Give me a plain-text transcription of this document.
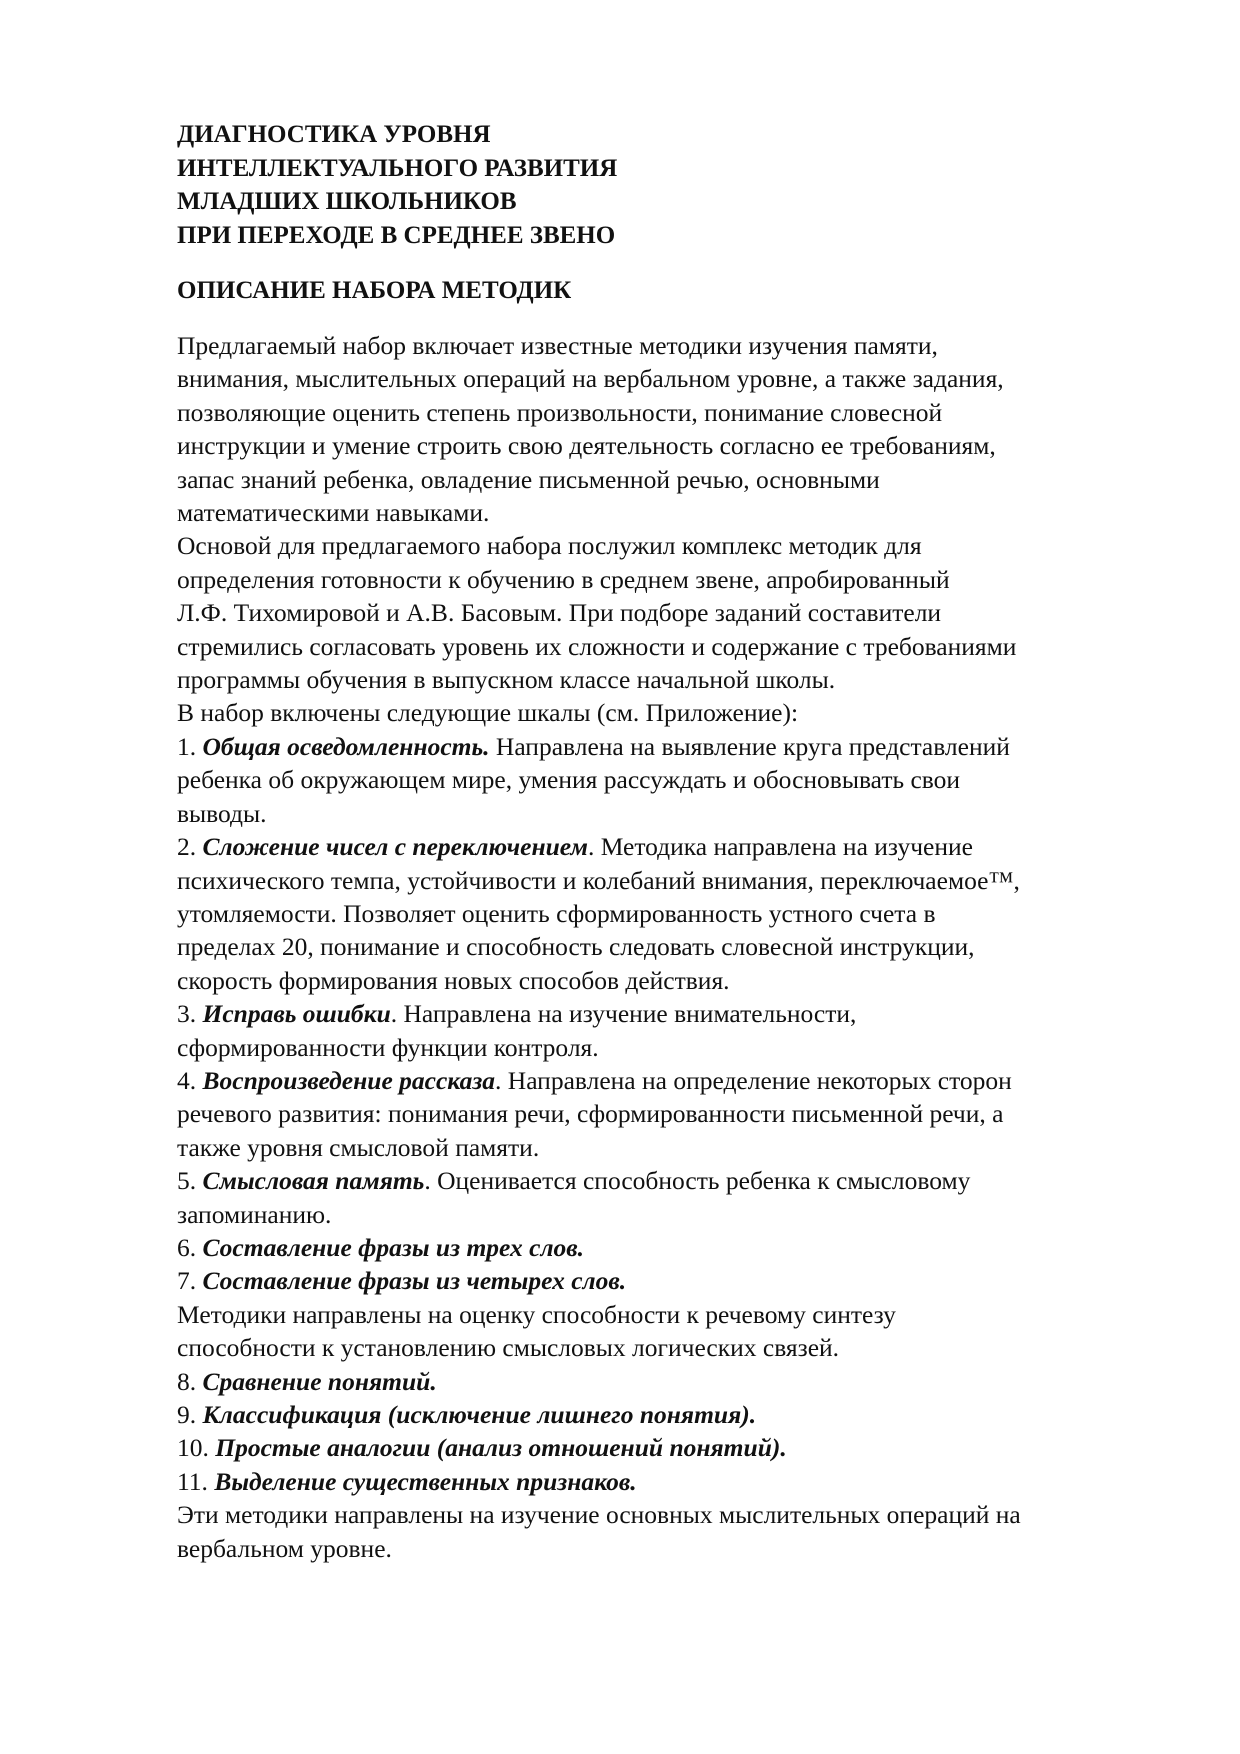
ДИАГНОСТИКА УРОВНЯ
ИНТЕЛЛЕКТУАЛЬНОГО РАЗВИТИЯ
МЛАДШИХ ШКОЛЬНИКОВ
ПРИ ПЕРЕХОДЕ В СРЕДНЕЕ ЗВЕНО
ОПИСАНИЕ НАБОРА МЕТОДИК
Предлагаемый набор включает известные методики изучения памяти,
внимания, мыслительных операций на вербальном уровне, а также задания,
позволяющие оценить степень произвольности, понимание словесной
инструкции и умение строить свою деятельность согласно ее требованиям,
запас знаний ребенка, овладение письменной речью, основными
математическими навыками.
Основой для предлагаемого набора послужил комплекс методик для
определения готовности к обучению в среднем звене, апробированный
Л.Ф. Тихомировой и А.В. Басовым. При подборе заданий составители
стремились согласовать уровень их сложности и содержание с требованиями
программы обучения в выпускном классе начальной школы.
В набор включены следующие шкалы (см. Приложение):
1. Общая осведомленность. Направлена на выявление круга представлений
ребенка об окружающем мире, умения рассуждать и обосновывать свои
выводы.
2. Сложение чисел с переключением. Методика направлена на изучение
психического темпа, устойчивости и колебаний внимания, переключаемое™,
утомляемости. Позволяет оценить сформированность устного счета в
пределах 20, понимание и способность следовать словесной инструкции,
скорость формирования новых способов действия.
3. Исправь ошибки. Направлена на изучение внимательности,
сформированности функции контроля.
4. Воспроизведение рассказа. Направлена на определение некоторых сторон
речевого развития: понимания речи, сформированности письменной речи, а
также уровня смысловой памяти.
5. Смысловая память. Оценивается способность ребенка к смысловому
запоминанию.
6. Составление фразы из трех слов.
7. Составление фразы из четырех слов.
Методики направлены на оценку способности к речевому синтезу
способности к установлению смысловых логических связей.
8. Сравнение понятий.
9. Классификация (исключение лишнего понятия).
10. Простые аналогии (анализ отношений понятий).
11. Выделение существенных признаков.
Эти методики направлены на изучение основных мыслительных операций на
вербальном уровне.
